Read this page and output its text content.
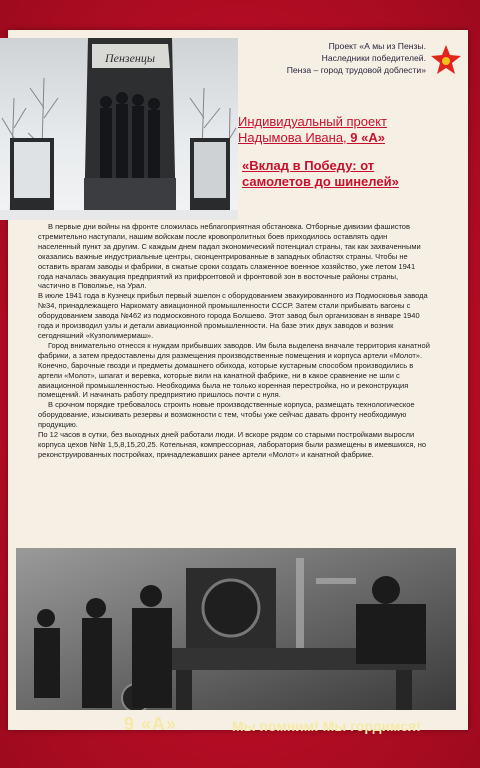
Пензенцы
Проект «А мы из Пензы.
Наследники победителей.
Пенза – город трудовой доблести»
Индивидуальный проект
Надымова Ивана, 9 «А»
«Вклад в Победу: от самолетов до шинелей»

В первые дни войны на фронте сложилась неблагоприятная обстановка. Отборные дивизии фашистов стремительно наступали, нашим войскам после кровопролитных боев приходилось оставлять один населенный пункт за другим. С каждым днем падал экономический потенциал страны, так как захваченными оказались важные индустриальные центры, сконцентрированные в западных областях страны. Чтобы не оставить врагам заводы и фабрики, в сжатые сроки создать слаженное военное хозяйство, уже летом 1941 года началась эвакуация предприятий из прифронтовой и фронтовой зон в восточные районы страны, частично в Поволжье, на Урал.

В июле 1941 года в Кузнецк прибыл первый эшелон с оборудованием эвакуированного из Подмосковья завода №34, принадлежащего Наркомату авиационной промышленности СССР. Затем стали прибывать вагоны с оборудованием завода №462 из подмосковного города Болшево. Этот завод был организован в январе 1940 года и производил узлы и детали авиационной промышленности. На базе этих двух заводов и возник сегодняшний «Кузполимермаш».

Город внимательно отнесся к нуждам прибывших заводов. Им была выделена вначале территория канатной фабрики, а затем предоставлены для размещения производственные помещения и корпуса артели «Молот».

Конечно, барочные гвозди и предметы домашнего обихода, которые кустарным способом производились в артели «Молот», шпагат и веревка, которые вили на канатной фабрике, ни в какое сравнение не шли с авиационной промышленностью. Необходима была не только коренная перестройка, но и реконструкция помещений. И начинать работу предприятию пришлось почти с нуля.

В срочном порядке требовалось строить новые производственные корпуса, размещать технологическое оборудование, изыскивать резервы и возможности с тем, чтобы уже сейчас давать фронту необходимую продукцию.

По 12 часов в сутки, без выходных дней работали люди. И вскоре рядом со старыми постройками выросли корпуса цехов №№ 1,5,8,15,20,25. Котельная, компрессорная, лаборатория были размещены в имевшихся, но реконструированных постройках, принадлежавших ранее артели «Молот» и канатной фабрике.

9 «А»	Мы помним! Мы гордимся!
